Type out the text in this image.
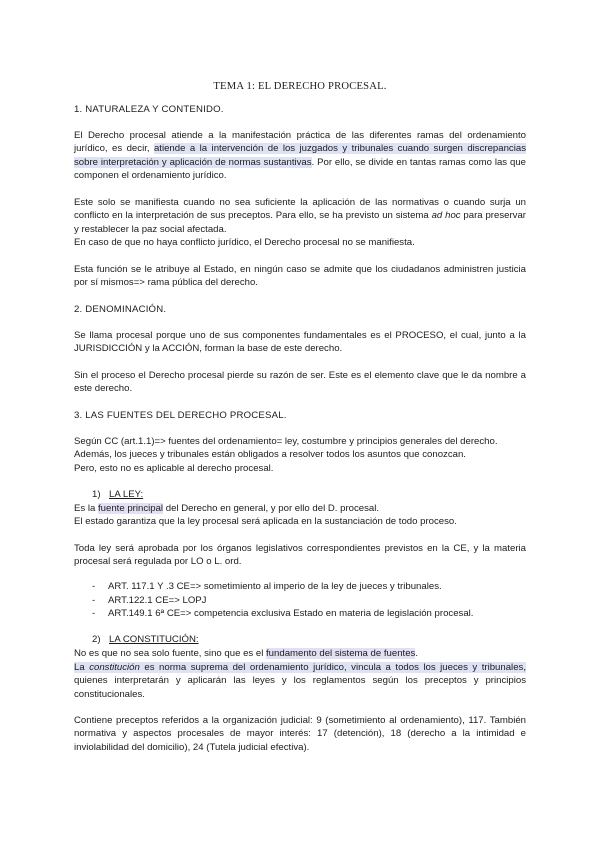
TEMA 1: EL DERECHO PROCESAL.
1. NATURALEZA Y CONTENIDO.
El Derecho procesal atiende a la manifestación práctica de las diferentes ramas del ordenamiento jurídico, es decir, atiende a la intervención de los juzgados y tribunales cuando surgen discrepancias sobre interpretación y aplicación de normas sustantivas. Por ello, se divide en tantas ramas como las que componen el ordenamiento jurídico.
Este solo se manifiesta cuando no sea suficiente la aplicación de las normativas o cuando surja un conflicto en la interpretación de sus preceptos. Para ello, se ha previsto un sistema ad hoc para preservar y restablecer la paz social afectada.
En caso de que no haya conflicto jurídico, el Derecho procesal no se manifiesta.
Esta función se le atribuye al Estado, en ningún caso se admite que los ciudadanos administren justicia por sí mismos=> rama pública del derecho.
2. DENOMINACIÓN.
Se llama procesal porque uno de sus componentes fundamentales es el PROCESO, el cual, junto a la JURISDICCIÓN y la ACCIÓN, forman la base de este derecho.
Sin el proceso el Derecho procesal pierde su razón de ser. Este es el elemento clave que le da nombre a este derecho.
3. LAS FUENTES DEL DERECHO PROCESAL.
Según CC (art.1.1)=> fuentes del ordenamiento= ley, costumbre y principios generales del derecho.
Además, los jueces y tribunales están obligados a resolver todos los asuntos que conozcan.
Pero, esto no es aplicable al derecho procesal.
1) LA LEY:
Es la fuente principal del Derecho en general, y por ello del D. procesal.
El estado garantiza que la ley procesal será aplicada en la sustanciación de todo proceso.
Toda ley será aprobada por los órganos legislativos correspondientes previstos en la CE, y la materia procesal será regulada por LO o L. ord.
- ART. 117.1 Y .3 CE=> sometimiento al imperio de la ley de jueces y tribunales.
- ART.122.1 CE=> LOPJ
- ART.149.1 6ª CE=> competencia exclusiva Estado en materia de legislación procesal.
2) LA CONSTITUCIÓN:
No es que no sea solo fuente, sino que es el fundamento del sistema de fuentes.
La constitución es norma suprema del ordenamiento jurídico, vincula a todos los jueces y tribunales, quienes interpretarán y aplicarán las leyes y los reglamentos según los preceptos y principios constitucionales.
Contiene preceptos referidos a la organización judicial: 9 (sometimiento al ordenamiento), 117. También normativa y aspectos procesales de mayor interés: 17 (detención), 18 (derecho a la intimidad e inviolabilidad del domicilio), 24 (Tutela judicial efectiva).
